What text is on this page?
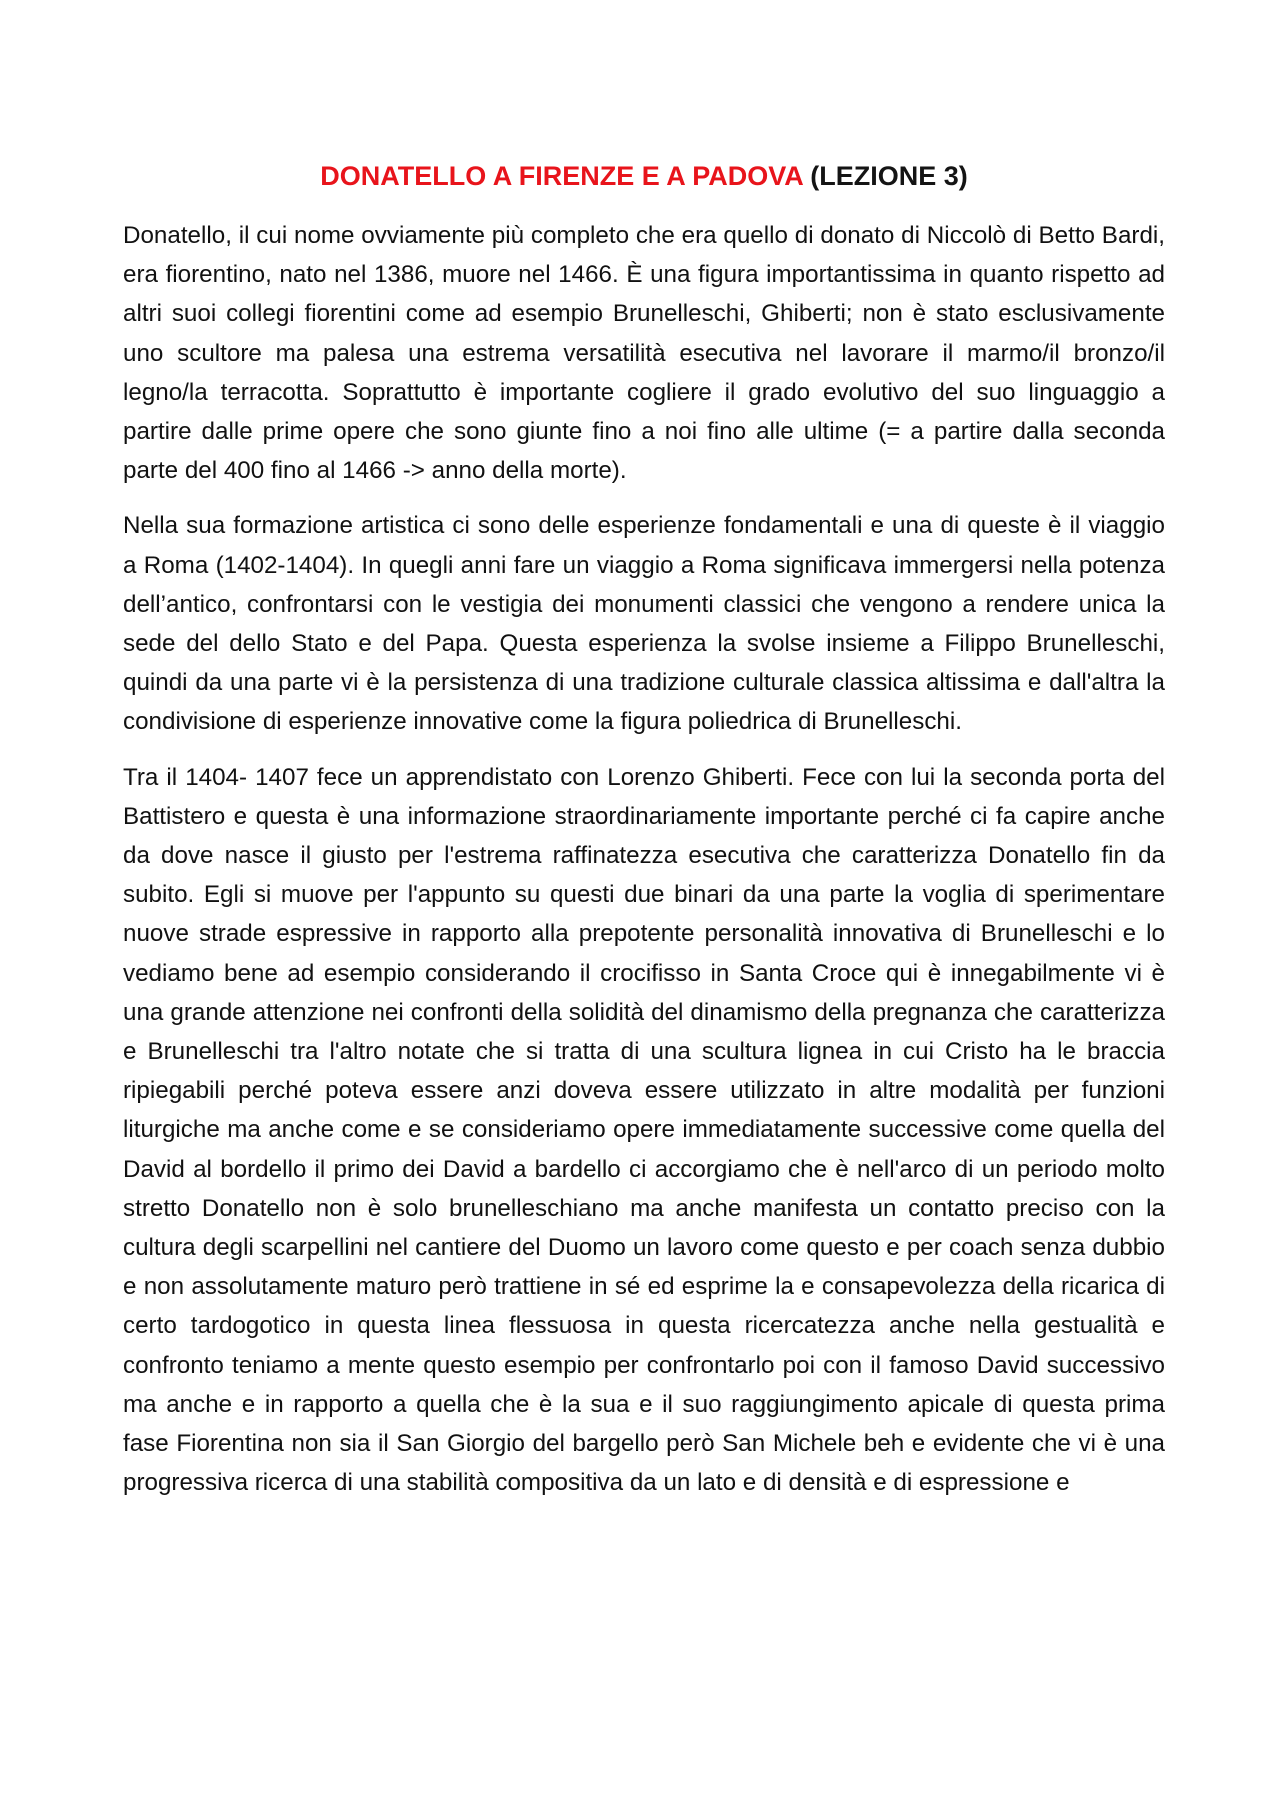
DONATELLO A FIRENZE E A PADOVA (LEZIONE 3)

Donatello, il cui nome ovviamente più completo che era quello di donato di Niccolò di Betto Bardi, era fiorentino, nato nel 1386, muore nel 1466. È una figura importantissima in quanto rispetto ad altri suoi collegi fiorentini come ad esempio Brunelleschi, Ghiberti; non è stato esclusivamente uno scultore ma palesa una estrema versatilità esecutiva nel lavorare il marmo/il bronzo/il legno/la terracotta. Soprattutto è importante cogliere il grado evolutivo del suo linguaggio a partire dalle prime opere che sono giunte fino a noi fino alle ultime (= a partire dalla seconda parte del 400 fino al 1466 -> anno della morte).

Nella sua formazione artistica ci sono delle esperienze fondamentali e una di queste è il viaggio a Roma (1402-1404). In quegli anni fare un viaggio a Roma significava immergersi nella potenza dell’antico, confrontarsi con le vestigia dei monumenti classici che vengono a rendere unica la sede del dello Stato e del Papa. Questa esperienza la svolse insieme a Filippo Brunelleschi, quindi da una parte vi è la persistenza di una tradizione culturale classica altissima e dall'altra la condivisione di esperienze innovative come la figura poliedrica di Brunelleschi.

Tra il 1404- 1407 fece un apprendistato con Lorenzo Ghiberti. Fece con lui la seconda porta del Battistero e questa è una informazione straordinariamente importante perché ci fa capire anche da dove nasce il giusto per l'estrema raffinatezza esecutiva che caratterizza Donatello fin da subito. Egli si muove per l'appunto su questi due binari da una parte la voglia di sperimentare nuove strade espressive in rapporto alla prepotente personalità innovativa di Brunelleschi e lo vediamo bene ad esempio considerando il crocifisso in Santa Croce qui è innegabilmente vi è una grande attenzione nei confronti della solidità del dinamismo della pregnanza che caratterizza e Brunelleschi tra l'altro notate che si tratta di una scultura lignea in cui Cristo ha le braccia ripiegabili perché poteva essere anzi doveva essere utilizzato in altre modalità per funzioni liturgiche ma anche come e se consideriamo opere immediatamente successive come quella del David al bordello il primo dei David a bardello ci accorgiamo che è nell'arco di un periodo molto stretto Donatello non è solo brunelleschiano ma anche manifesta un contatto preciso con la cultura degli scarpellini nel cantiere del Duomo un lavoro come questo e per coach senza dubbio e non assolutamente maturo però trattiene in sé ed esprime la e consapevolezza della ricarica di certo tardogotico in questa linea flessuosa in questa ricercatezza anche nella gestualità e confronto teniamo a mente questo esempio per confrontarlo poi con il famoso David successivo ma anche e in rapporto a quella che è la sua e il suo raggiungimento apicale di questa prima fase Fiorentina non sia il San Giorgio del bargello però San Michele beh e evidente che vi è una progressiva ricerca di una stabilità compositiva da un lato e di densità e di espressione e
